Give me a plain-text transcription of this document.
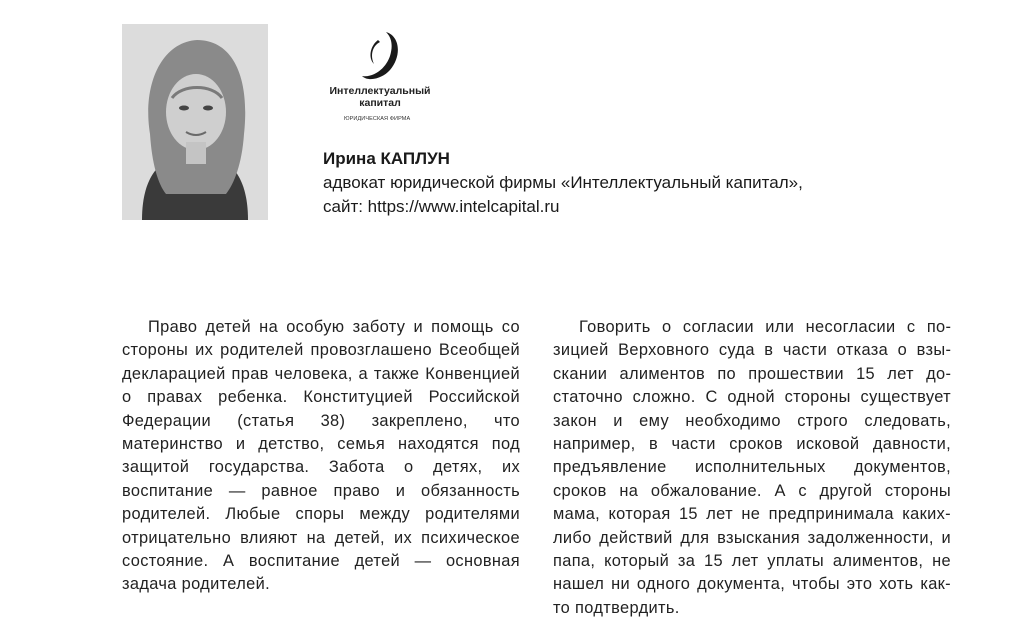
Интеллектуальный
капитал
ЮРИДИЧЕСКАЯ ФИРМА
Ирина КАПЛУН
адвокат юридической фирмы «Интеллектуальный капитал»,
сайт: https://www.intelcapital.ru

Право детей на особую заботу и помощь со стороны их родителей провозглашено Всеобщей декларацией прав человека, а также Конвенцией о правах ребенка. Конституцией Российской Федерации (статья 38) закреплено, что материнство и детство, семья находятся под защитой государства. Забота о детях, их воспитание — равное право и обязанность родителей. Любые споры между родителями отрицательно влияют на детей, их психическое состояние. А воспитание детей — основная задача родителей.

Говорить о согласии или несогласии с позицией Верховного суда в части отказа о взыскании алиментов по прошествии 15 лет достаточно сложно. С одной стороны существует закон и ему необходимо строго следовать, например, в части сроков исковой давности, предъявление исполнительных документов, сроков на обжалование. А с другой стороны мама, которая 15 лет не предпринимала каких-либо действий для взыскания задолженности, и папа, который за 15 лет уплаты алиментов, не нашел ни одного документа, чтобы это хоть как-то подтвердить.
